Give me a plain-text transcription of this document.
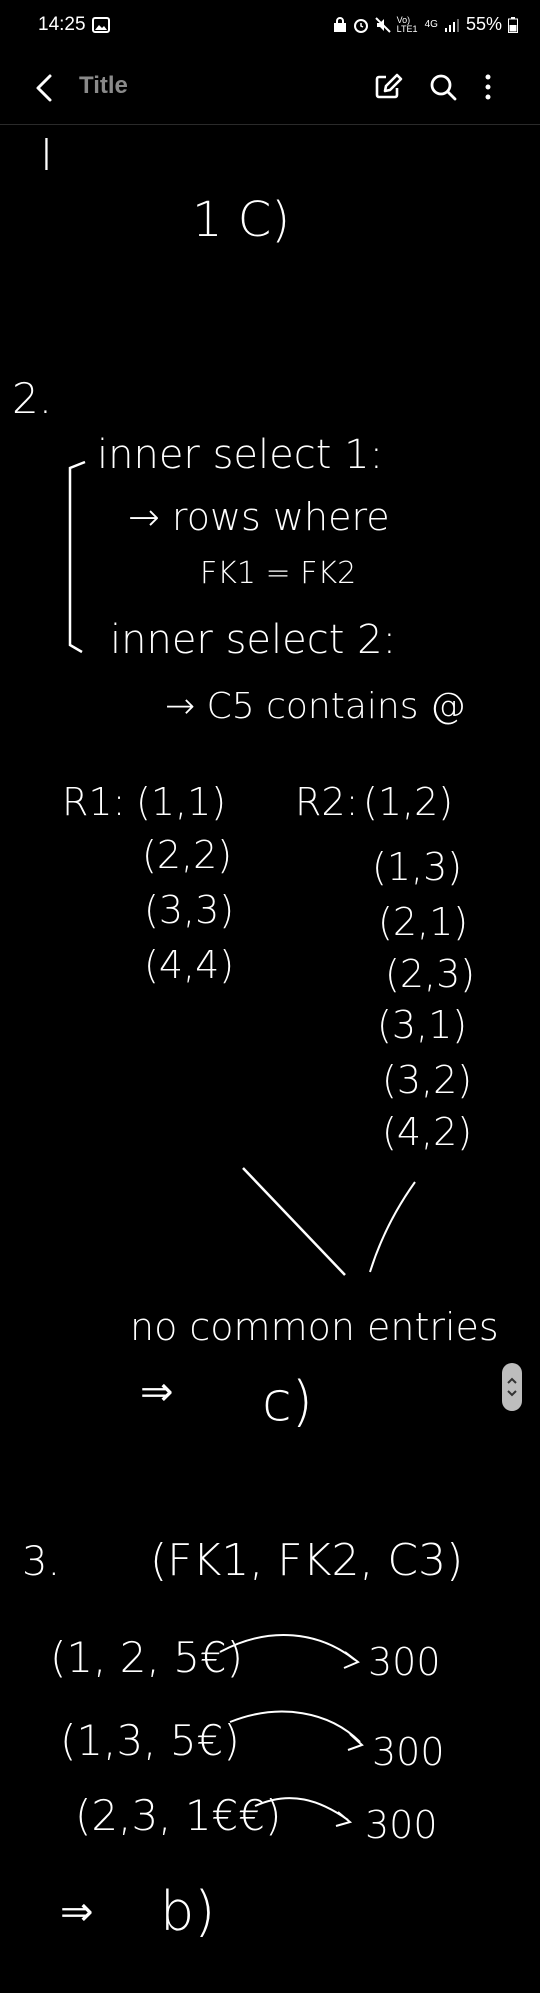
14:25	Vo) LTE1 4G 55%
Title
I
1 C)
2.
inner select 1:
→ rows where
FK1 = FK2
inner select 2:
→ C5 contains @
R1: (1,1)
(2,2)
(3,3)
(4,4)
R2: (1,2)
(1,3)
(2,1)
(2,3)
(3,1)
(3,2)
(4,2)
no common entries
⇒ c)
3. (FK1, FK2, C3)
(1, 2, 5€)	300
(1,3, 5€)	300
(2,3, 1€€) 300
⇒ b)
